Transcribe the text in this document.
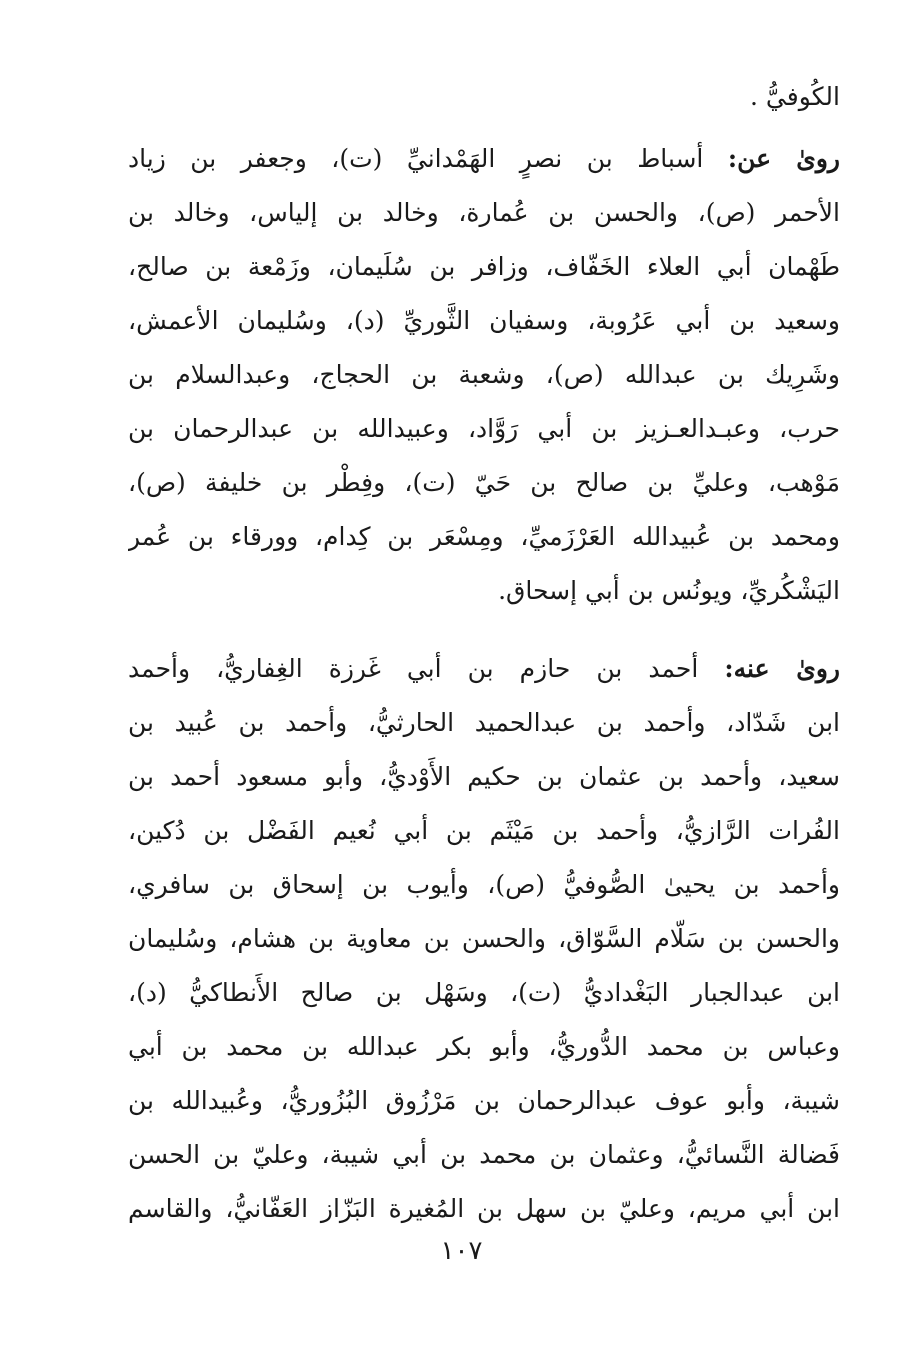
الكُوفيُّ .
روىٰ عن: أسباط بن نصرٍ الهَمْدانيِّ (ت)، وجعفر بن زياد
الأحمر (ص)، والحسن بن عُمارة، وخالد بن إلياس، وخالد بن
طَهْمان أبي العلاء الخَفّاف، وزافر بن سُلَيمان، وزَمْعة بن صالح،
وسعيد بن أبي عَرُوبة، وسفيان الثَّوريِّ (د)، وسُليمان الأعمش،
وشَرِيك بن عبدالله (ص)، وشعبة بن الحجاج، وعبدالسلام بن
حرب، وعبـدالعـزيز بن أبي رَوَّاد، وعبيدالله بن عبدالرحمان بن
مَوْهب، وعليِّ بن صالح بن حَيّ (ت)، وفِطْر بن خليفة (ص)،
ومحمد بن عُبيدالله العَرْزَميِّ، ومِسْعَر بن كِدام، وورقاء بن عُمر
اليَشْكُريِّ، ويونُس بن أبي إسحاق.
روىٰ عنه: أحمد بن حازم بن أبي غَرزة الغِفاريُّ، وأحمد
ابن شَدّاد، وأحمد بن عبدالحميد الحارثيُّ، وأحمد بن عُبيد بن
سعيد، وأحمد بن عثمان بن حكيم الأَوْديُّ، وأبو مسعود أحمد بن
الفُرات الرَّازيُّ، وأحمد بن مَيْثَم بن أبي نُعيم الفَضْل بن دُكين،
وأحمد بن يحيىٰ الصُّوفيُّ (ص)، وأيوب بن إسحاق بن سافري،
والحسن بن سَلّام السَّوّاق، والحسن بن معاوية بن هشام، وسُليمان
ابن عبدالجبار البَغْداديُّ (ت)، وسَهْل بن صالح الأَنطاكيُّ (د)،
وعباس بن محمد الدُّوريُّ، وأبو بكر عبدالله بن محمد بن أبي
شيبة، وأبو عوف عبدالرحمان بن مَرْزُوق البُزُوريُّ، وعُبيدالله بن
فَضالة النَّسائيُّ، وعثمان بن محمد بن أبي شيبة، وعليّ بن الحسن
ابن أبي مريم، وعليّ بن سهل بن المُغيرة البَزّاز العَفّانيُّ، والقاسم
١٠٧
